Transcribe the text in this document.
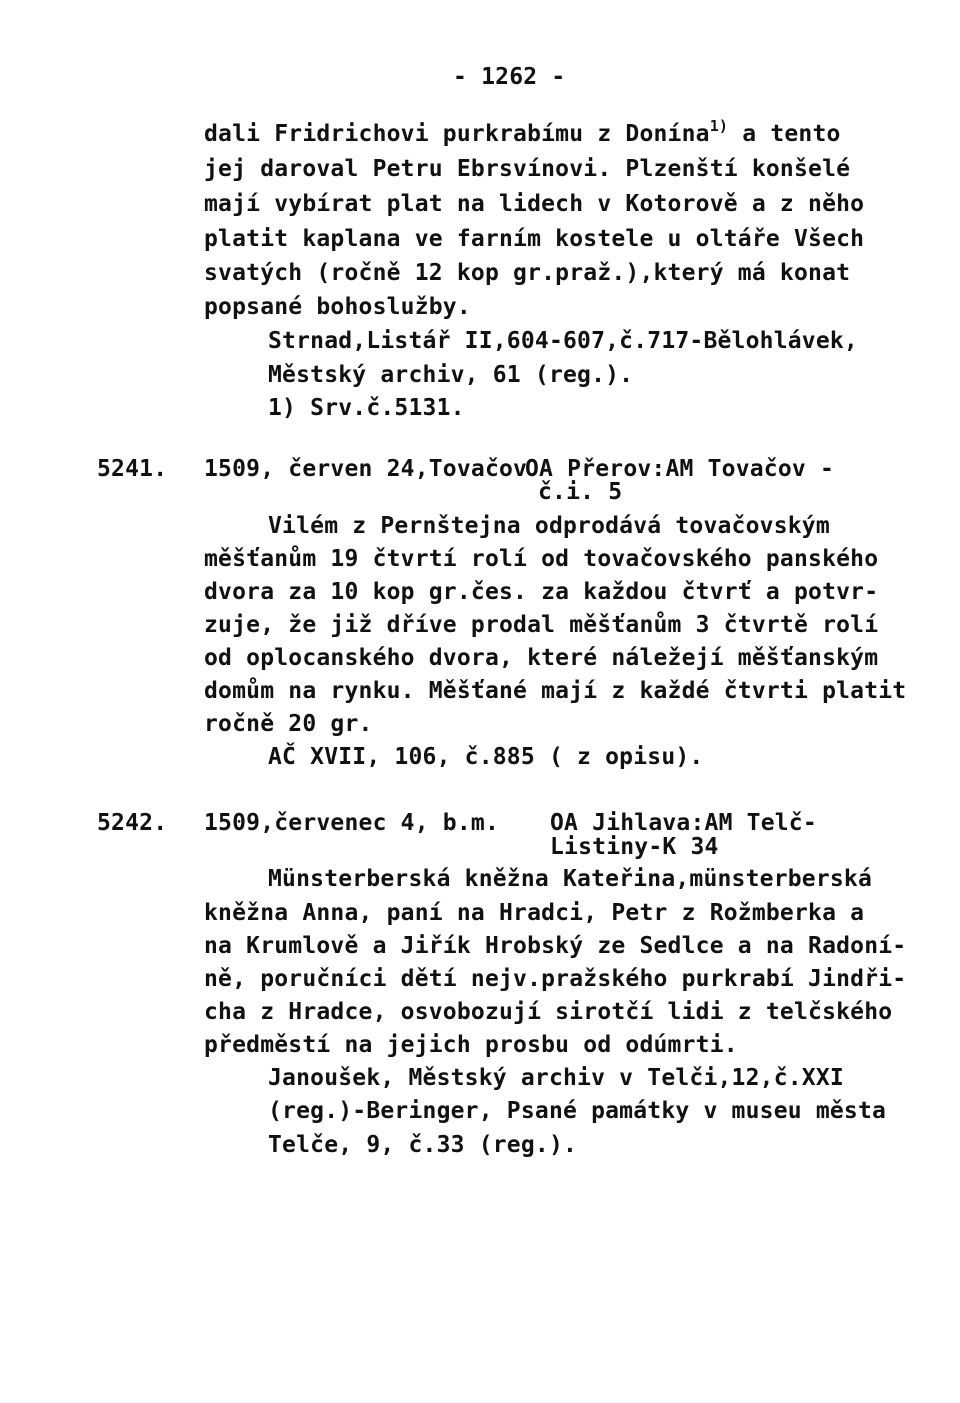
- 1262 -
dali Fridrichovi purkrabímu z Donína$^{1)}$ a tento
jej daroval Petru Ebrsvínovi. Plzenští konšelé
mají vybírat plat na lidech v Kotorově a z něho
platit kaplana ve farním kostele u oltáře Všech
svatých (ročně 12 kop gr.praž.),který má konat
popsané bohoslužby.
Strnad,Listář II,604-607,č.717-Bělohlávek,
Městský archiv, 61 (reg.).
1) Srv.č.5131.
5241. 1509, červen 24,Tovačov
OA Přerov:AM Tovačov -
č.i. 5
Vilém z Pernštejna odprodává tovačovským
měšťanům 19 čtvrtí rolí od tovačovského panského
dvora za 10 kop gr.čes. za každou čtvrť a potvr-
zuje, že již dříve prodal měšťanům 3 čtvrtě rolí
od oplocanského dvora, které náležejí měšťanským
domům na rynku. Měšťané mají z každé čtvrti platit
ročně 20 gr.
AČ XVII, 106, č.885 ( z opisu).
5242. 1509,červenec 4, b.m. OA Jihlava:AM Telč-
Listiny-K 34
Münsterberská kněžna Kateřina,münsterberská
kněžna Anna, paní na Hradci, Petr z Rožmberka a
na Krumlově a Jiřík Hrobský ze Sedlce a na Radoní-
ně, poručníci dětí nejv.pražského purkrabí Jindři-
cha z Hradce, osvobozují sirotčí lidi z telčského
předměstí na jejich prosbu od odúmrti.
Janoušek, Městský archiv v Telči,12,č.XXI
(reg.)-Beringer, Psané památky v museu města
Telče, 9, č.33 (reg.).
